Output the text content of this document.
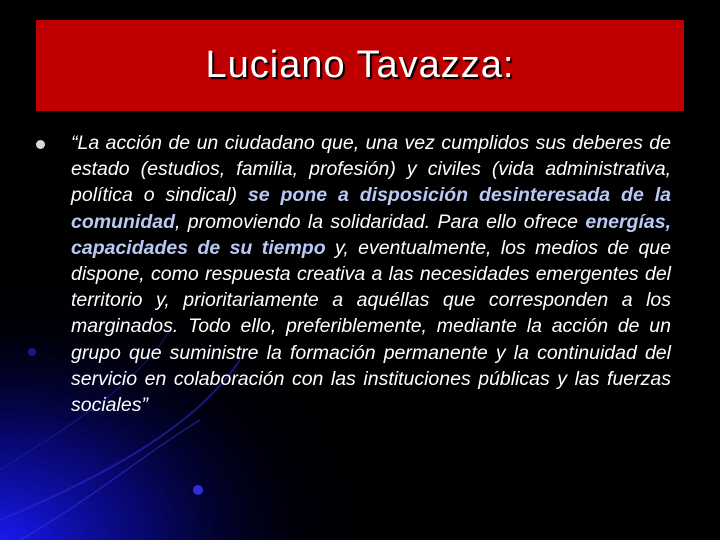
Luciano Tavazza:
“La acción de un ciudadano que, una vez cumplidos sus deberes de estado (estudios, familia, profesión) y civiles (vida administrativa, política o sindical) se pone a disposición desinteresada de la comunidad, promoviendo la solidaridad. Para ello ofrece energías, capacidades de su tiempo y, eventualmente, los medios de que dispone, como respuesta creativa a las necesidades emergentes del territorio y, prioritariamente a aquéllas que corresponden a los marginados. Todo ello, preferiblemente, mediante la acción de un grupo que suministre la formación permanente y la continuidad del servicio en colaboración con las instituciones públicas y las fuerzas sociales”
